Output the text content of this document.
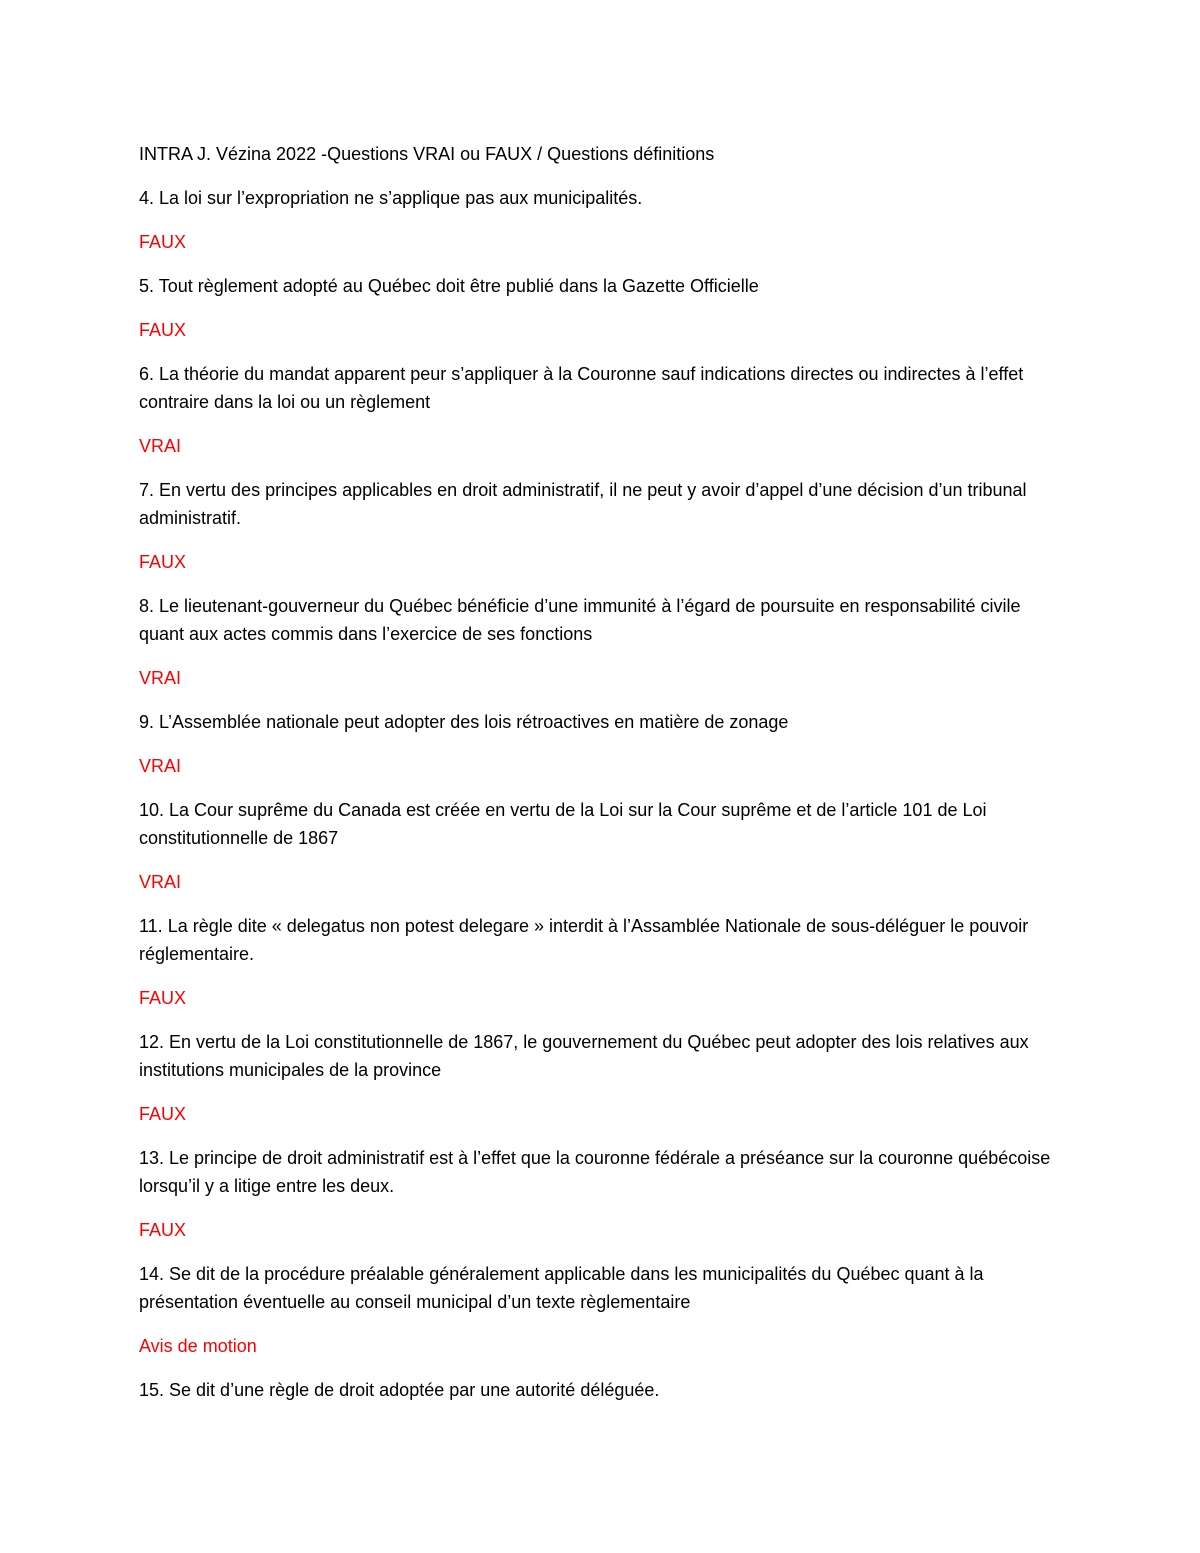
INTRA J. Vézina 2022 -Questions VRAI ou FAUX / Questions définitions

4. La loi sur l’expropriation ne s’applique pas aux municipalités.

FAUX

5. Tout règlement adopté au Québec doit être publié dans la Gazette Officielle

FAUX

6. La théorie du mandat apparent peur s’appliquer à la Couronne sauf indications directes ou indirectes à l’effet contraire dans la loi ou un règlement

VRAI

7. En vertu des principes applicables en droit administratif, il ne peut y avoir d’appel d’une décision d’un tribunal administratif.

FAUX

8. Le lieutenant-gouverneur du Québec bénéficie d’une immunité à l’égard de poursuite en responsabilité civile quant aux actes commis dans l’exercice de ses fonctions

VRAI

9. L’Assemblée nationale peut adopter des lois rétroactives en matière de zonage

VRAI

10. La Cour suprême du Canada est créée en vertu de la Loi sur la Cour suprême et de l’article 101 de Loi constitutionnelle de 1867

VRAI

11. La règle dite « delegatus non potest delegare » interdit à l’Assamblée Nationale de sous-déléguer le pouvoir réglementaire.

FAUX

12. En vertu de la Loi constitutionnelle de 1867, le gouvernement du Québec peut adopter des lois relatives aux institutions municipales de la province

FAUX

13. Le principe de droit administratif est à l’effet que la couronne fédérale a préséance sur la couronne québécoise lorsqu’il y a litige entre les deux.

FAUX

14. Se dit de la procédure préalable généralement applicable dans les municipalités du Québec quant à la présentation éventuelle au conseil municipal d’un texte règlementaire

Avis de motion

15. Se dit d’une règle de droit adoptée par une autorité déléguée.
